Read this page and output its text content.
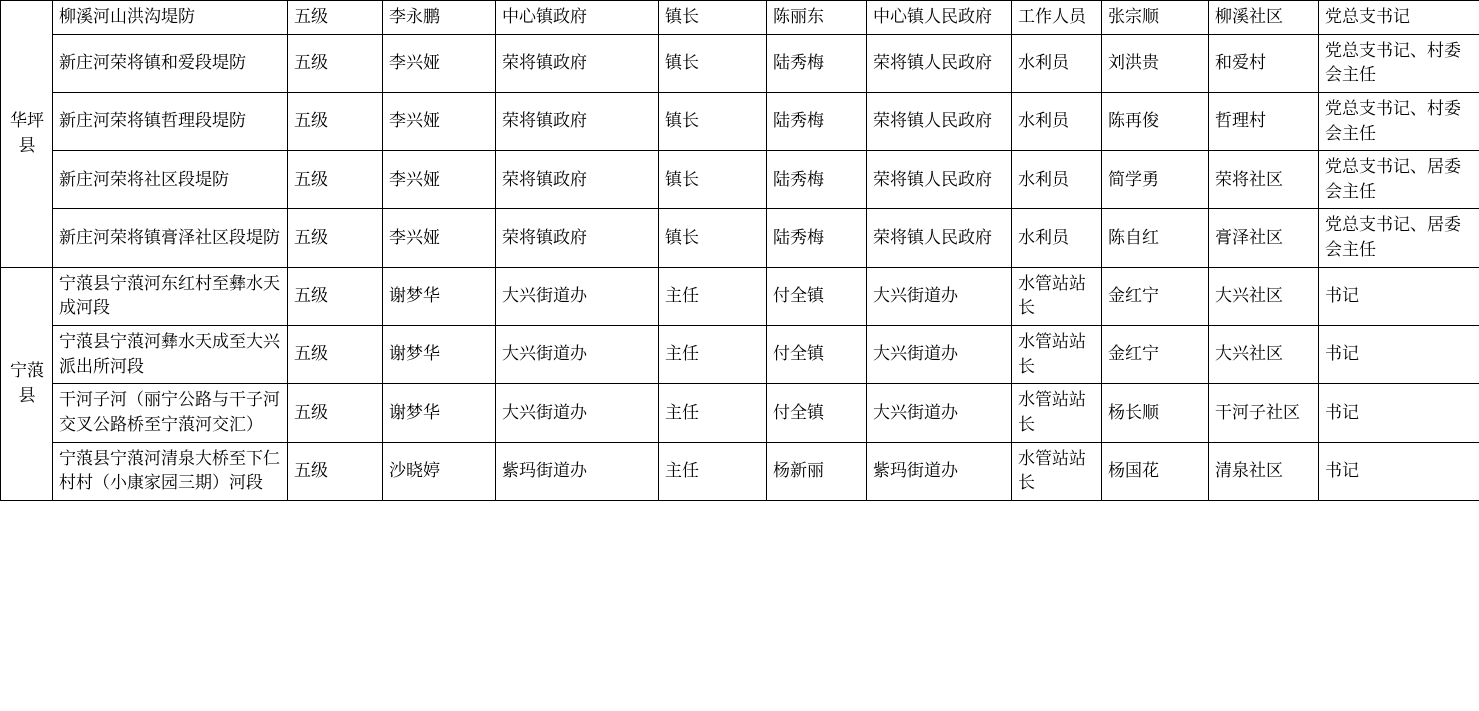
华坪县	柳溪河山洪沟堤防	五级	李永鹏	中心镇政府	镇长	陈丽东	中心镇人民政府	工作人员	张宗顺	柳溪社区	党总支书记
	新庄河荣将镇和爱段堤防	五级	李兴娅	荣将镇政府	镇长	陆秀梅	荣将镇人民政府	水利员	刘洪贵	和爱村	党总支书记、村委会主任
	新庄河荣将镇哲理段堤防	五级	李兴娅	荣将镇政府	镇长	陆秀梅	荣将镇人民政府	水利员	陈再俊	哲理村	党总支书记、村委会主任
	新庄河荣将社区段堤防	五级	李兴娅	荣将镇政府	镇长	陆秀梅	荣将镇人民政府	水利员	简学勇	荣将社区	党总支书记、居委会主任
	新庄河荣将镇膏泽社区段堤防	五级	李兴娅	荣将镇政府	镇长	陆秀梅	荣将镇人民政府	水利员	陈自红	膏泽社区	党总支书记、居委会主任
宁蒗县	宁蒗县宁蒗河东红村至彝水天成河段	五级	谢梦华	大兴街道办	主任	付全镇	大兴街道办	水管站站长	金红宁	大兴社区	书记
	宁蒗县宁蒗河彝水天成至大兴派出所河段	五级	谢梦华	大兴街道办	主任	付全镇	大兴街道办	水管站站长	金红宁	大兴社区	书记
	干河子河（丽宁公路与干子河交叉公路桥至宁蒗河交汇）	五级	谢梦华	大兴街道办	主任	付全镇	大兴街道办	水管站站长	杨长顺	干河子社区	书记
	宁蒗县宁蒗河清泉大桥至下仁村村（小康家园三期）河段	五级	沙晓婷	紫玛街道办	主任	杨新丽	紫玛街道办	水管站站长	杨国花	清泉社区	书记
